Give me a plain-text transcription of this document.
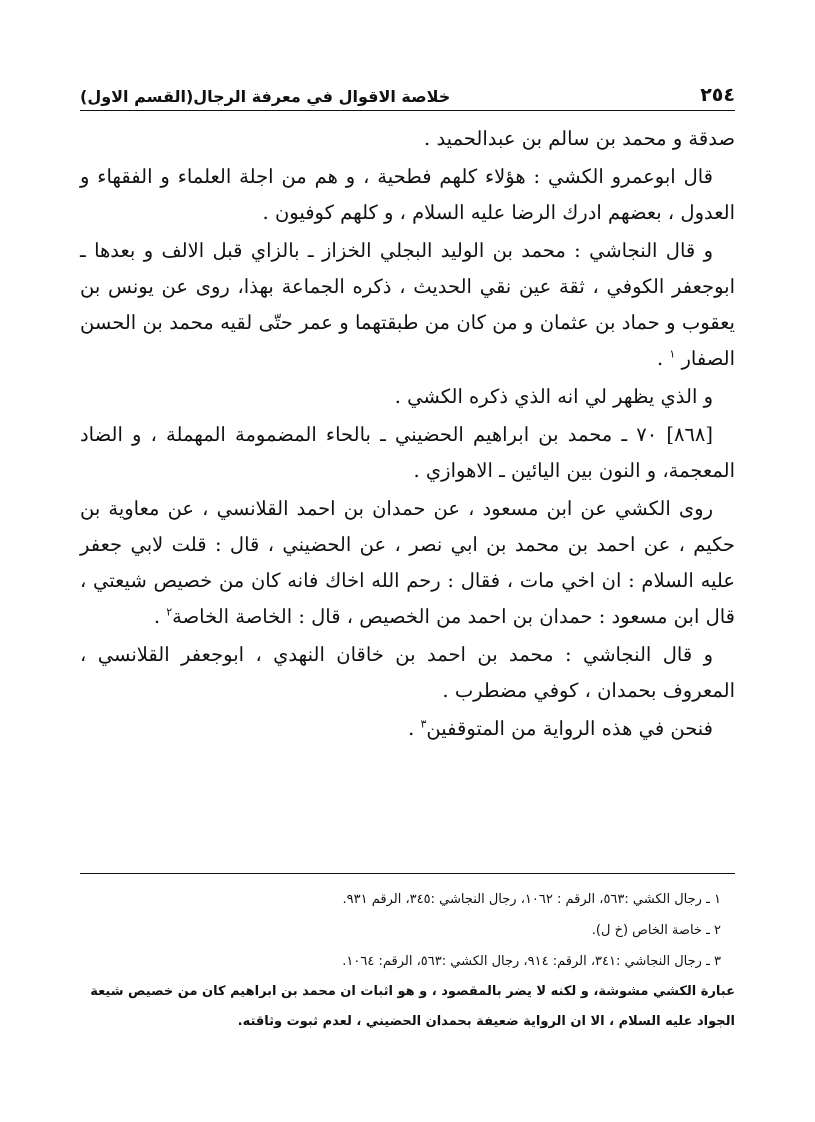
٢٥٤
خلاصة الاقوال في معرفة الرجال(القسم الاول)

صدقة و محمد بن سالم بن عبدالحميد .

قال ابوعمرو الكشي : هؤلاء كلهم فطحية ، و هم من اجلة العلماء و الفقهاء و العدول ، بعضهم ادرك الرضا عليه السلام ، و كلهم كوفيون .

و قال النجاشي : محمد بن الوليد البجلي الخزاز ـ بالزاي قبل الالف و بعدها ـ ابوجعفر الكوفي ، ثقة عين نقي الحديث ، ذكره الجماعة بهذا، روى عن يونس بن يعقوب و حماد بن عثمان و من كان من طبقتهما و عمر حتّى لقيه محمد بن الحسن الصفار $^١$ .

و الذي يظهر لي انه الذي ذكره الكشي .

[٨٦٨] ٧٠ ـ محمد بن ابراهيم الحضيني ـ بالحاء المضمومة المهملة ، و الضاد المعجمة، و النون بين اليائين ـ الاهوازي .

روى الكشي عن ابن مسعود ، عن حمدان بن احمد القلانسي ، عن معاوية بن حكيم ، عن احمد بن محمد بن ابي نصر ، عن الحضيني ، قال : قلت لابي جعفر عليه السلام : ان اخي مات ، فقال : رحم الله اخاك فانه كان من خصيص شيعتي ، قال ابن مسعود : حمدان بن احمد من الخصيص ، قال : الخاصة الخاصة$^٢$ .

و قال النجاشي : محمد بن احمد بن خاقان النهدي ، ابوجعفر القلانسي ، المعروف بحمدان ، كوفي مضطرب .

فنحن في هذه الرواية من المتوقفين$^٣$ .

١ ـ رجال الكشي :٥٦٣، الرقم : ١٠٦٢، رجال النجاشي :٣٤٥، الرقم ٩٣١.

٢ ـ خاصة الخاص (خ ل).

٣ ـ رجال النجاشي :٣٤١، الرقم: ٩١٤، رجال الكشي :٥٦٣، الرقم: ١٠٦٤.

عبارة الكشي مشوشة، و لكنه لا يضر بالمقصود ، و هو اثبات ان محمد بن ابراهيم كان من خصيص شيعة الجواد عليه السلام ، الا ان الرواية ضعيفة بحمدان الحضيني ، لعدم ثبوت وثاقته.
